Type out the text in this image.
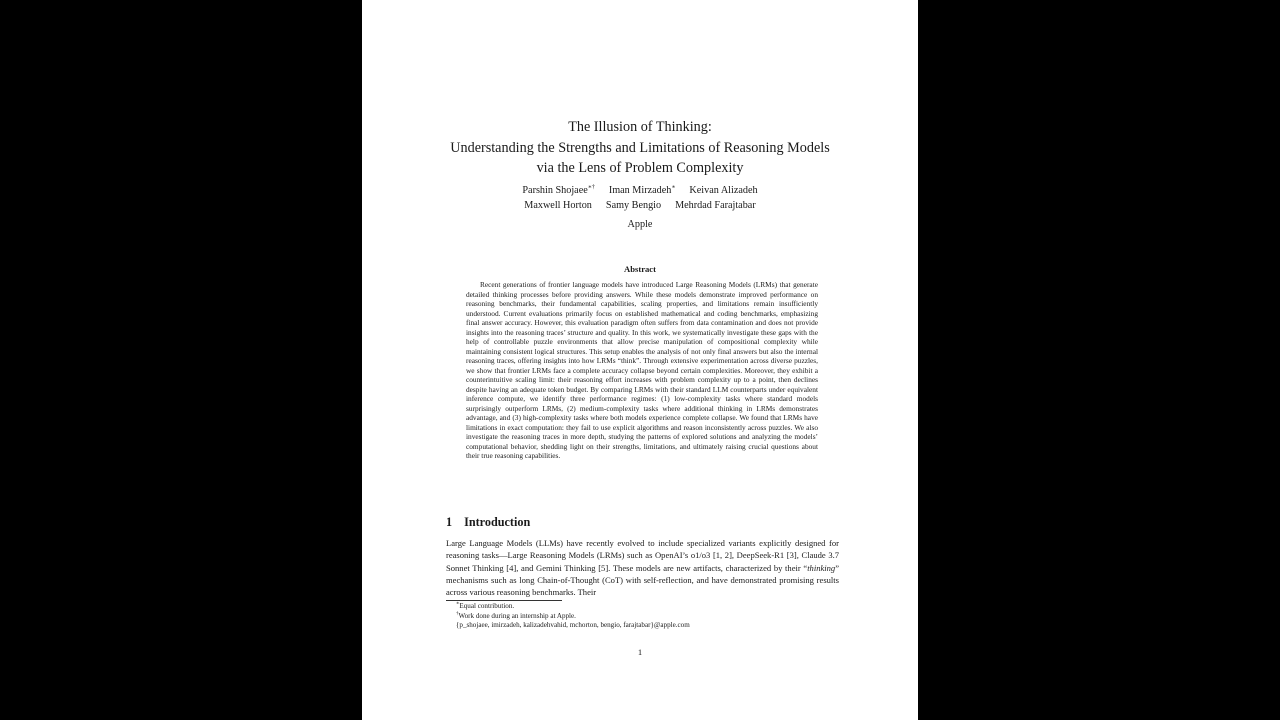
The Illusion of Thinking:
Understanding the Strengths and Limitations of Reasoning Models
via the Lens of Problem Complexity
Parshin Shojaee∗† Iman Mirzadeh∗ Keivan Alizadeh
Maxwell Horton Samy Bengio Mehrdad Farajtabar
Apple
Abstract

Recent generations of frontier language models have introduced Large Reasoning Models (LRMs) that generate detailed thinking processes before providing answers. While these models demonstrate improved performance on reasoning benchmarks, their fundamental capabilities, scaling properties, and limitations remain insufficiently understood. Current evaluations primarily focus on established mathematical and coding benchmarks, emphasizing final answer accuracy. However, this evaluation paradigm often suffers from data contamination and does not provide insights into the reasoning traces’ structure and quality. In this work, we systematically investigate these gaps with the help of controllable puzzle environments that allow precise manipulation of compositional complexity while maintaining consistent logical structures. This setup enables the analysis of not only final answers but also the internal reasoning traces, offering insights into how LRMs “think”. Through extensive experimentation across diverse puzzles, we show that frontier LRMs face a complete accuracy collapse beyond certain complexities. Moreover, they exhibit a counterintuitive scaling limit: their reasoning effort increases with problem complexity up to a point, then declines despite having an adequate token budget. By comparing LRMs with their standard LLM counterparts under equivalent inference compute, we identify three performance regimes: (1) low-complexity tasks where standard models surprisingly outperform LRMs, (2) medium-complexity tasks where additional thinking in LRMs demonstrates advantage, and (3) high-complexity tasks where both models experience complete collapse. We found that LRMs have limitations in exact computation: they fail to use explicit algorithms and reason inconsistently across puzzles. We also investigate the reasoning traces in more depth, studying the patterns of explored solutions and analyzing the models’ computational behavior, shedding light on their strengths, limitations, and ultimately raising crucial questions about their true reasoning capabilities.

1 Introduction

Large Language Models (LLMs) have recently evolved to include specialized variants explicitly designed for reasoning tasks—Large Reasoning Models (LRMs) such as OpenAI’s o1/o3 [1, 2], DeepSeek-R1 [3], Claude 3.7 Sonnet Thinking [4], and Gemini Thinking [5]. These models are new artifacts, characterized by their “thinking” mechanisms such as long Chain-of-Thought (CoT) with self-reflection, and have demonstrated promising results across various reasoning benchmarks. Their

∗Equal contribution.
†Work done during an internship at Apple.
{p_shojaee, imirzadeh, kalizadehvahid, mchorton, bengio, farajtabar}@apple.com
1
